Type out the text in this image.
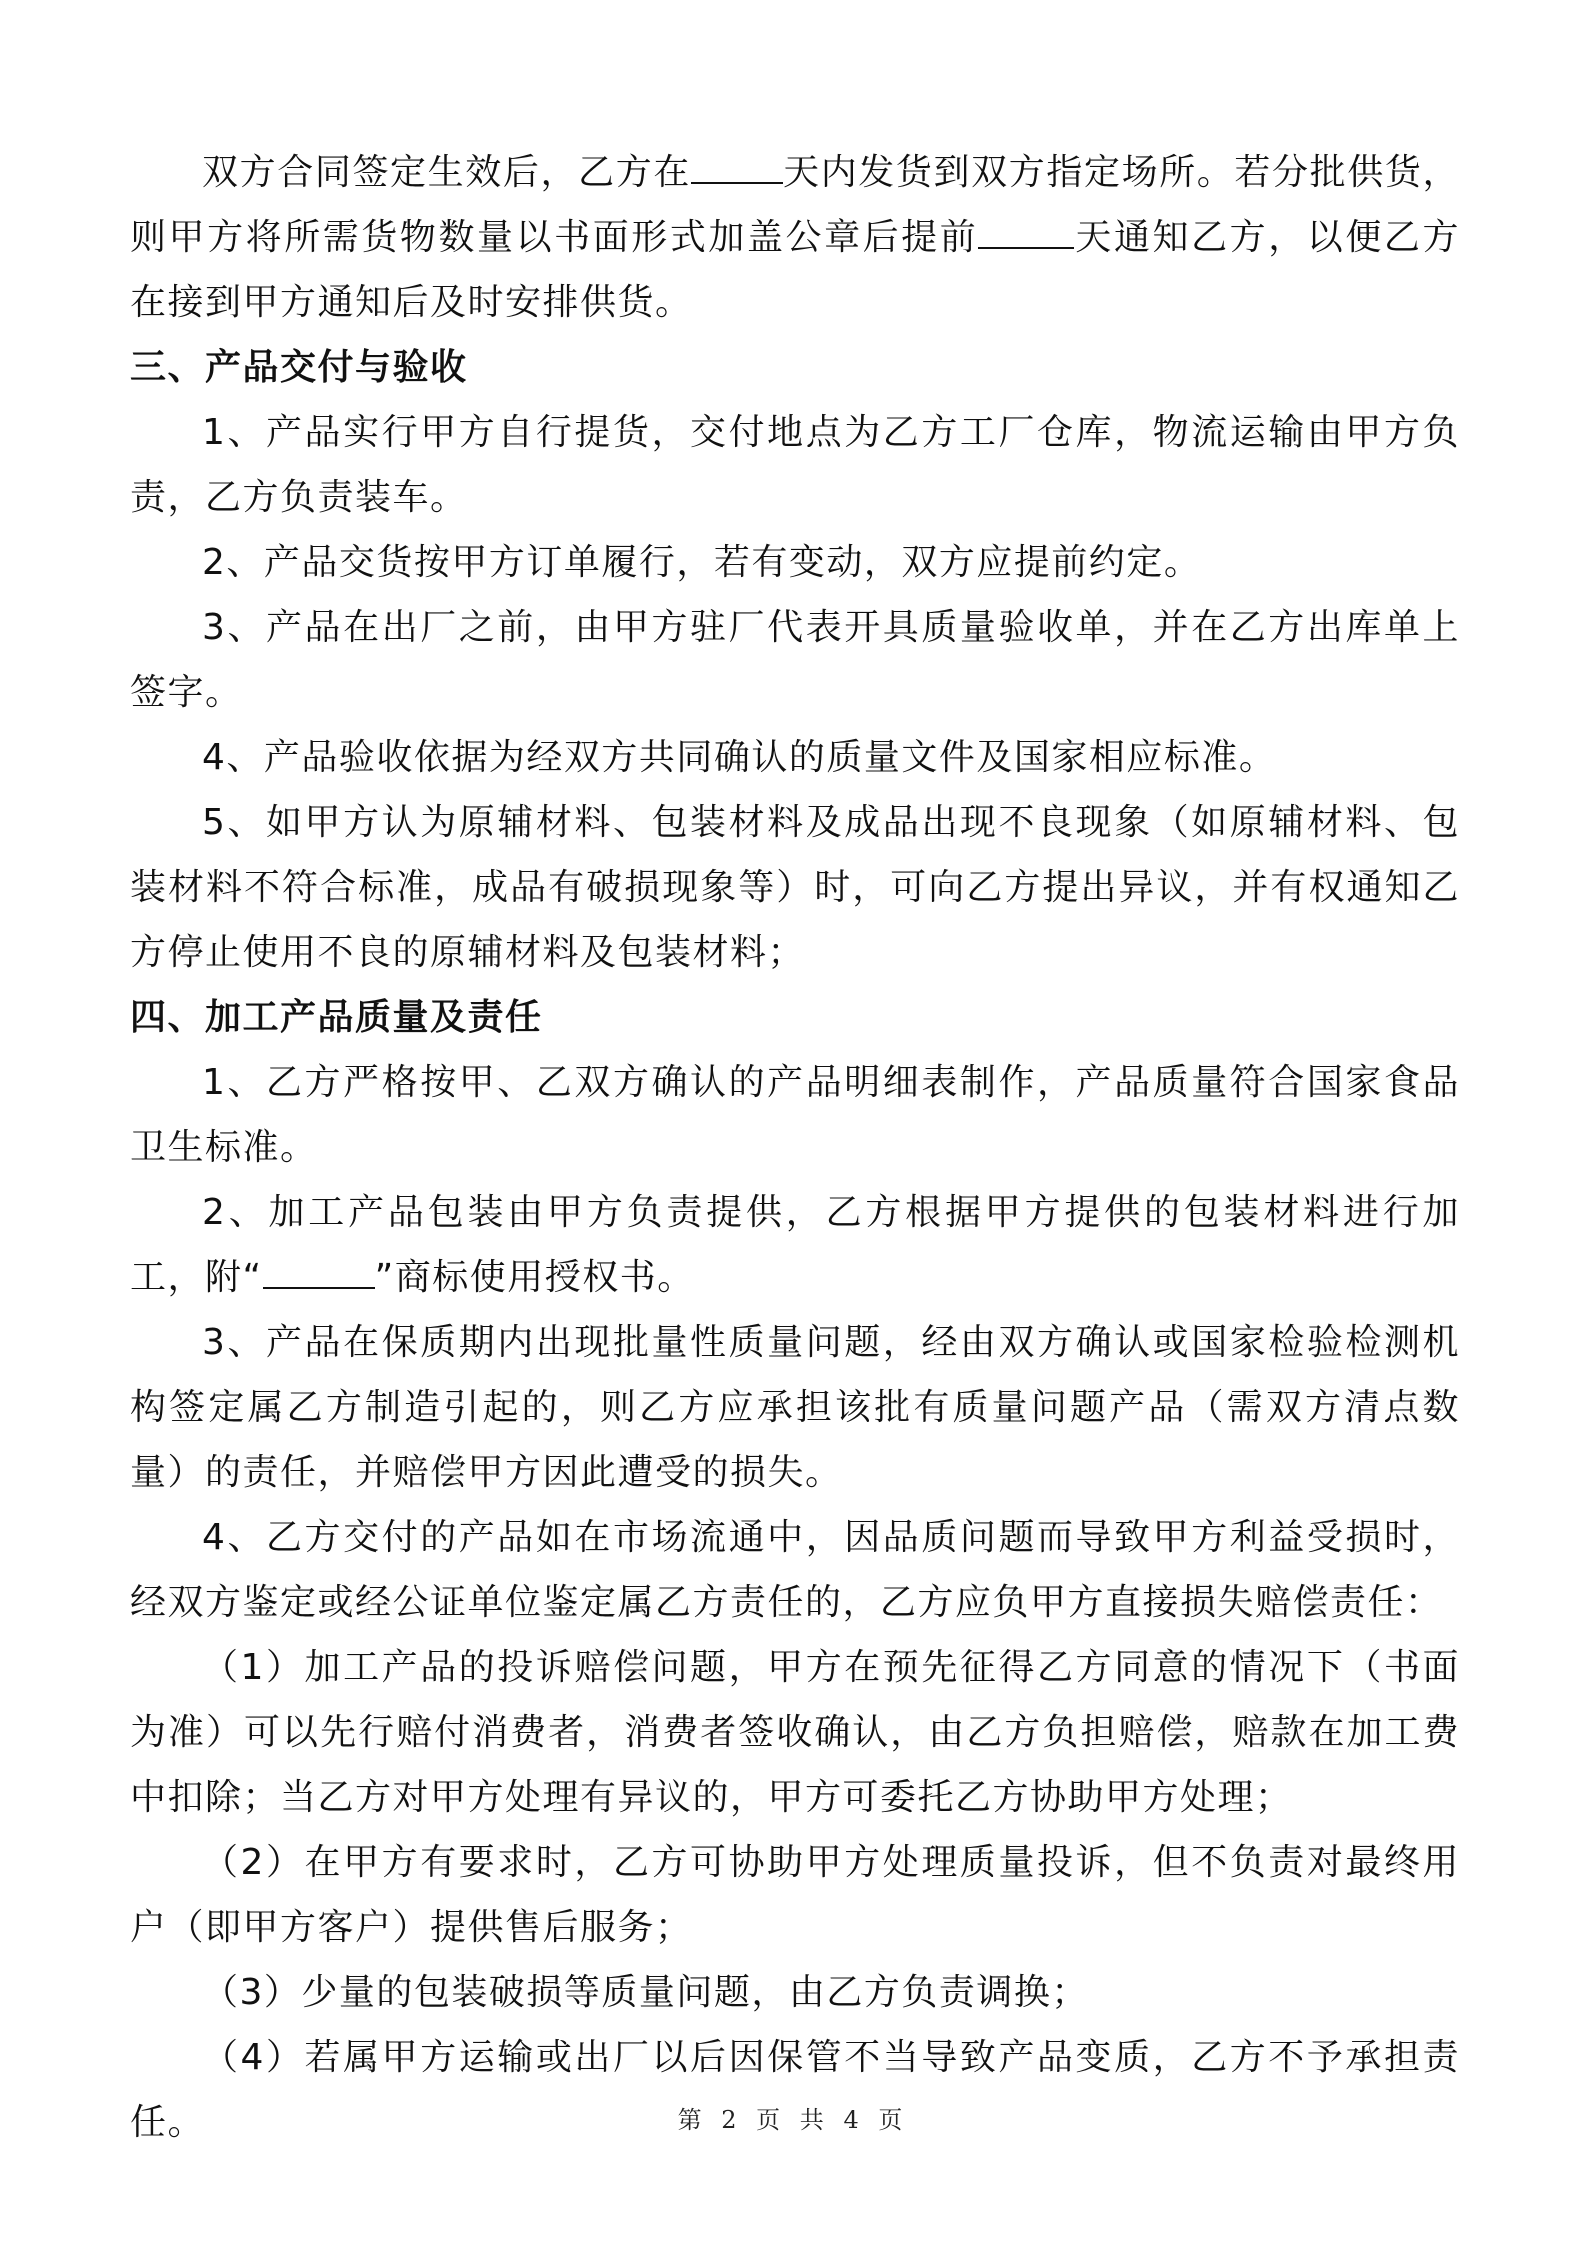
双方合同签定生效后，乙方在	天内发货到双方指定场所。若分批供货，则甲方将所需货物数量以书面形式加盖公章后提前	天通知乙方，以便乙方在接到甲方通知后及时安排供货。

三、产品交付与验收

1、产品实行甲方自行提货，交付地点为乙方工厂仓库，物流运输由甲方负责，乙方负责装车。

2、产品交货按甲方订单履行，若有变动，双方应提前约定。

3、产品在出厂之前，由甲方驻厂代表开具质量验收单，并在乙方出库单上签字。

4、产品验收依据为经双方共同确认的质量文件及国家相应标准。

5、如甲方认为原辅材料、包装材料及成品出现不良现象（如原辅材料、包装材料不符合标准，成品有破损现象等）时，可向乙方提出异议，并有权通知乙方停止使用不良的原辅材料及包装材料；

四、加工产品质量及责任

1、乙方严格按甲、乙双方确认的产品明细表制作，产品质量符合国家食品卫生标准。

2、加工产品包装由甲方负责提供，乙方根据甲方提供的包装材料进行加工，附“	”商标使用授权书。

3、产品在保质期内出现批量性质量问题，经由双方确认或国家检验检测机构签定属乙方制造引起的，则乙方应承担该批有质量问题产品（需双方清点数量）的责任，并赔偿甲方因此遭受的损失。

4、乙方交付的产品如在市场流通中，因品质问题而导致甲方利益受损时，经双方鉴定或经公证单位鉴定属乙方责任的，乙方应负甲方直接损失赔偿责任：

（1）加工产品的投诉赔偿问题，甲方在预先征得乙方同意的情况下（书面为准）可以先行赔付消费者，消费者签收确认，由乙方负担赔偿，赔款在加工费中扣除；当乙方对甲方处理有异议的，甲方可委托乙方协助甲方处理；

（2）在甲方有要求时，乙方可协助甲方处理质量投诉，但不负责对最终用户（即甲方客户）提供售后服务；

（3）少量的包装破损等质量问题，由乙方负责调换；

（4）若属甲方运输或出厂以后因保管不当导致产品变质，乙方不予承担责任。	第 2 页 共 4 页
